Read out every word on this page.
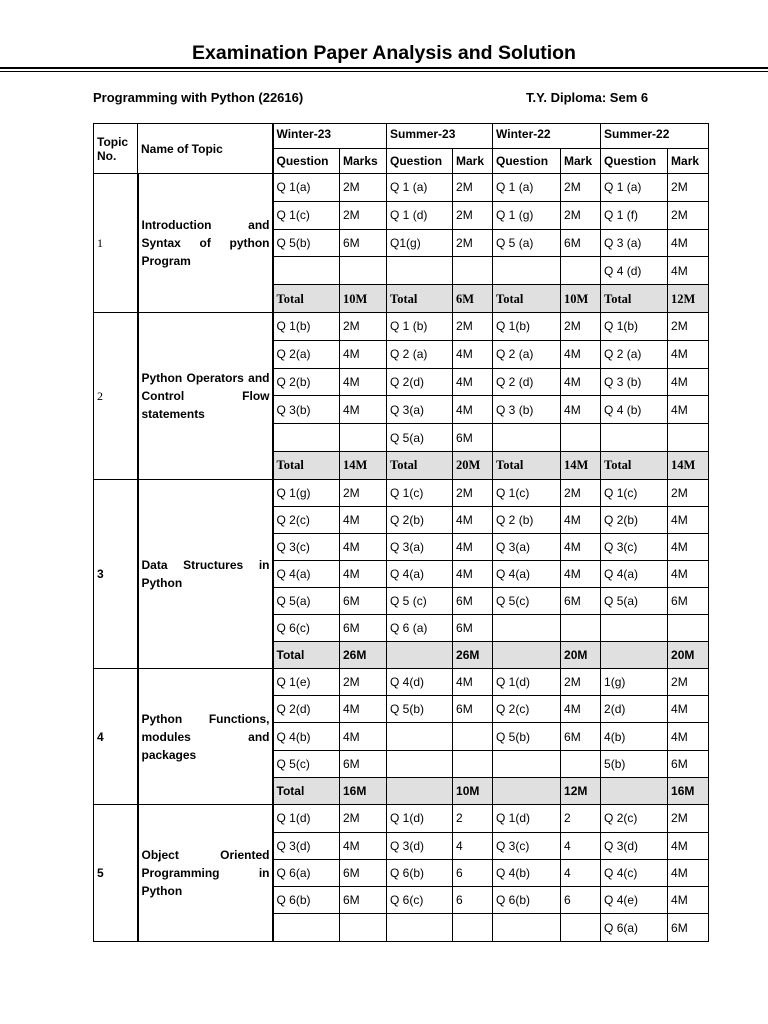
Examination Paper Analysis and Solution
Programming with Python (22616)	T.Y. Diploma: Sem 6
Topic No.	Name of Topic	Winter-23		Summer-23		Winter-22		Summer-22	
		Question	Marks	Question	Mark	Question	Mark	Question	Mark
1	Introduction and Syntax of python Program	Q 1(a)	2M	Q 1 (a)	2M	Q 1 (a)	2M	Q 1 (a)	2M
		Q 1(c)	2M	Q 1 (d)	2M	Q 1 (g)	2M	Q 1 (f)	2M
		Q 5(b)	6M	Q1(g)	2M	Q 5 (a)	6M	Q 3 (a)	4M
								Q 4 (d)	4M
		Total	10M	Total	6M	Total	10M	Total	12M
2	Python Operators and Control Flow statements	Q 1(b)	2M	Q 1 (b)	2M	Q 1(b)	2M	Q 1(b)	2M
		Q 2(a)	4M	Q 2 (a)	4M	Q 2 (a)	4M	Q 2 (a)	4M
		Q 2(b)	4M	Q 2(d)	4M	Q 2 (d)	4M	Q 3 (b)	4M
		Q 3(b)	4M	Q 3(a)	4M	Q 3 (b)	4M	Q 4 (b)	4M
				Q 5(a)	6M				
		Total	14M	Total	20M	Total	14M	Total	14M
3	Data Structures in Python	Q 1(g)	2M	Q 1(c)	2M	Q 1(c)	2M	Q 1(c)	2M
		Q 2(c)	4M	Q 2(b)	4M	Q 2 (b)	4M	Q 2(b)	4M
		Q 3(c)	4M	Q 3(a)	4M	Q 3(a)	4M	Q 3(c)	4M
		Q 4(a)	4M	Q 4(a)	4M	Q 4(a)	4M	Q 4(a)	4M
		Q 5(a)	6M	Q 5 (c)	6M	Q 5(c)	6M	Q 5(a)	6M
		Q 6(c)	6M	Q 6 (a)	6M				
		Total	26M		26M		20M		20M
4	Python Functions, modules and packages	Q 1(e)	2M	Q 4(d)	4M	Q 1(d)	2M	1(g)	2M
		Q 2(d)	4M	Q 5(b)	6M	Q 2(c)	4M	2(d)	4M
		Q 4(b)	4M			Q 5(b)	6M	4(b)	4M
		Q 5(c)	6M					5(b)	6M
		Total	16M		10M		12M		16M
5	Object Oriented Programming in Python	Q 1(d)	2M	Q 1(d)	2	Q 1(d)	2	Q 2(c)	2M
		Q 3(d)	4M	Q 3(d)	4	Q 3(c)	4	Q 3(d)	4M
		Q 6(a)	6M	Q 6(b)	6	Q 4(b)	4	Q 4(c)	4M
		Q 6(b)	6M	Q 6(c)	6	Q 6(b)	6	Q 4(e)	4M
								Q 6(a)	6M
